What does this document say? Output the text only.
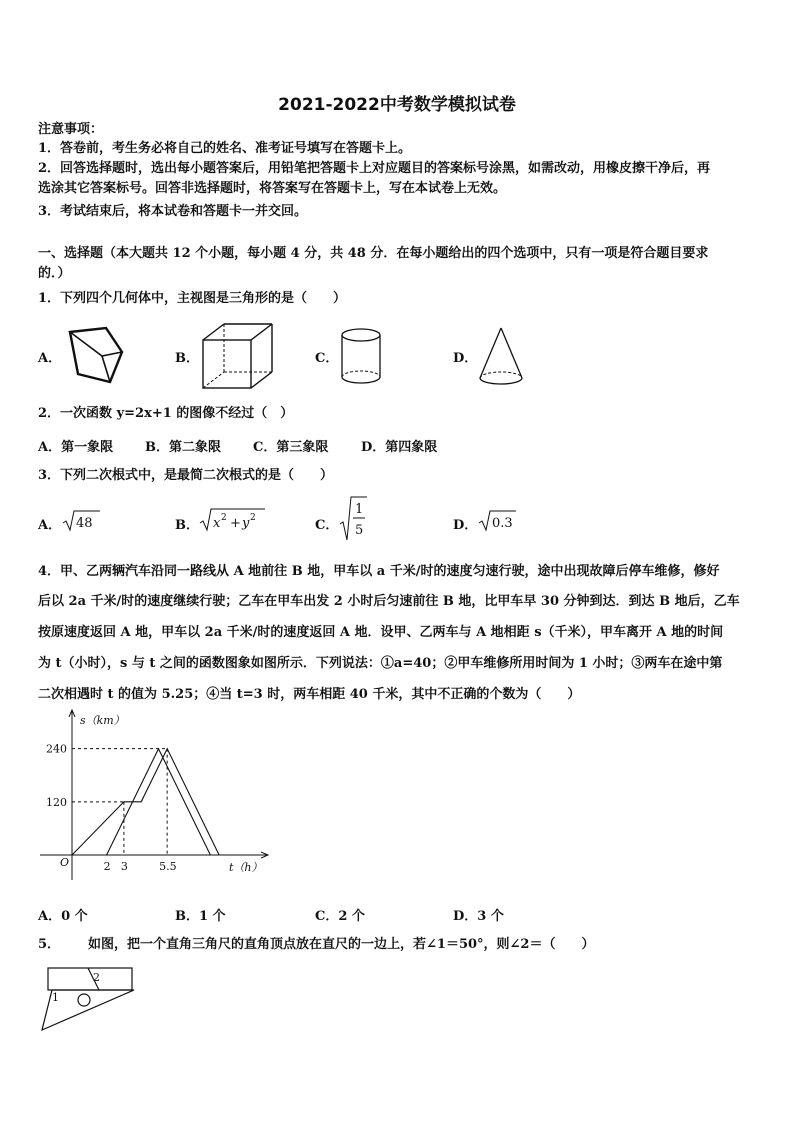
2021-2022中考数学模拟试卷
注意事项：
1．答卷前，考生务必将自己的姓名、准考证号填写在答题卡上。
2．回答选择题时，选出每小题答案后，用铅笔把答题卡上对应题目的答案标号涂黑，如需改动，用橡皮擦干净后，再
选涂其它答案标号。回答非选择题时，将答案写在答题卡上，写在本试卷上无效。
3．考试结束后，将本试卷和答题卡一并交回。
一、选择题（本大题共 12 个小题，每小题 4 分，共 48 分．在每小题给出的四个选项中，只有一项是符合题目要求
的．）
1．下列四个几何体中，主视图是三角形的是（　　）
A．	B．	C．	D．
2．一次函数 y=2x+1 的图像不经过（　）
A．第一象限 B．第二象限 C．第三象限	D．第四象限
3．下列二次根式中，是最简二次根式的是（　　）
A． 48	B． x 2 + y 2	C．
1
5	D． 0.3
4．甲、乙两辆汽车沿同一路线从 A 地前往 B 地，甲车以 a 千米/时的速度匀速行驶，途中出现故障后停车维修，修好
后以 2a 千米/时的速度继续行驶；乙车在甲车出发 2 小时后匀速前往 B 地，比甲车早 30 分钟到达．到达 B 地后，乙车
按原速度返回 A 地，甲车以 2a 千米/时的速度返回 A 地．设甲、乙两车与 A 地相距 s（千米），甲车离开 A 地的时间
为 t（小时），s 与 t 之间的函数图象如图所示．下列说法：①a=40；②甲车维修所用时间为 1 小时；③两车在途中第
二次相遇时 t 的值为 5.25；④当 t=3 时，两车相距 40 千米，其中不正确的个数为（　　）
s（km）
t（h）
O
120
240
2 3	5.5
A．0 个	B．1 个	C．2 个	D．3 个
5． 如图，把一个直角三角尺的直角顶点放在直尺的一边上，若∠1＝50°，则∠2＝（　　）
1
2
